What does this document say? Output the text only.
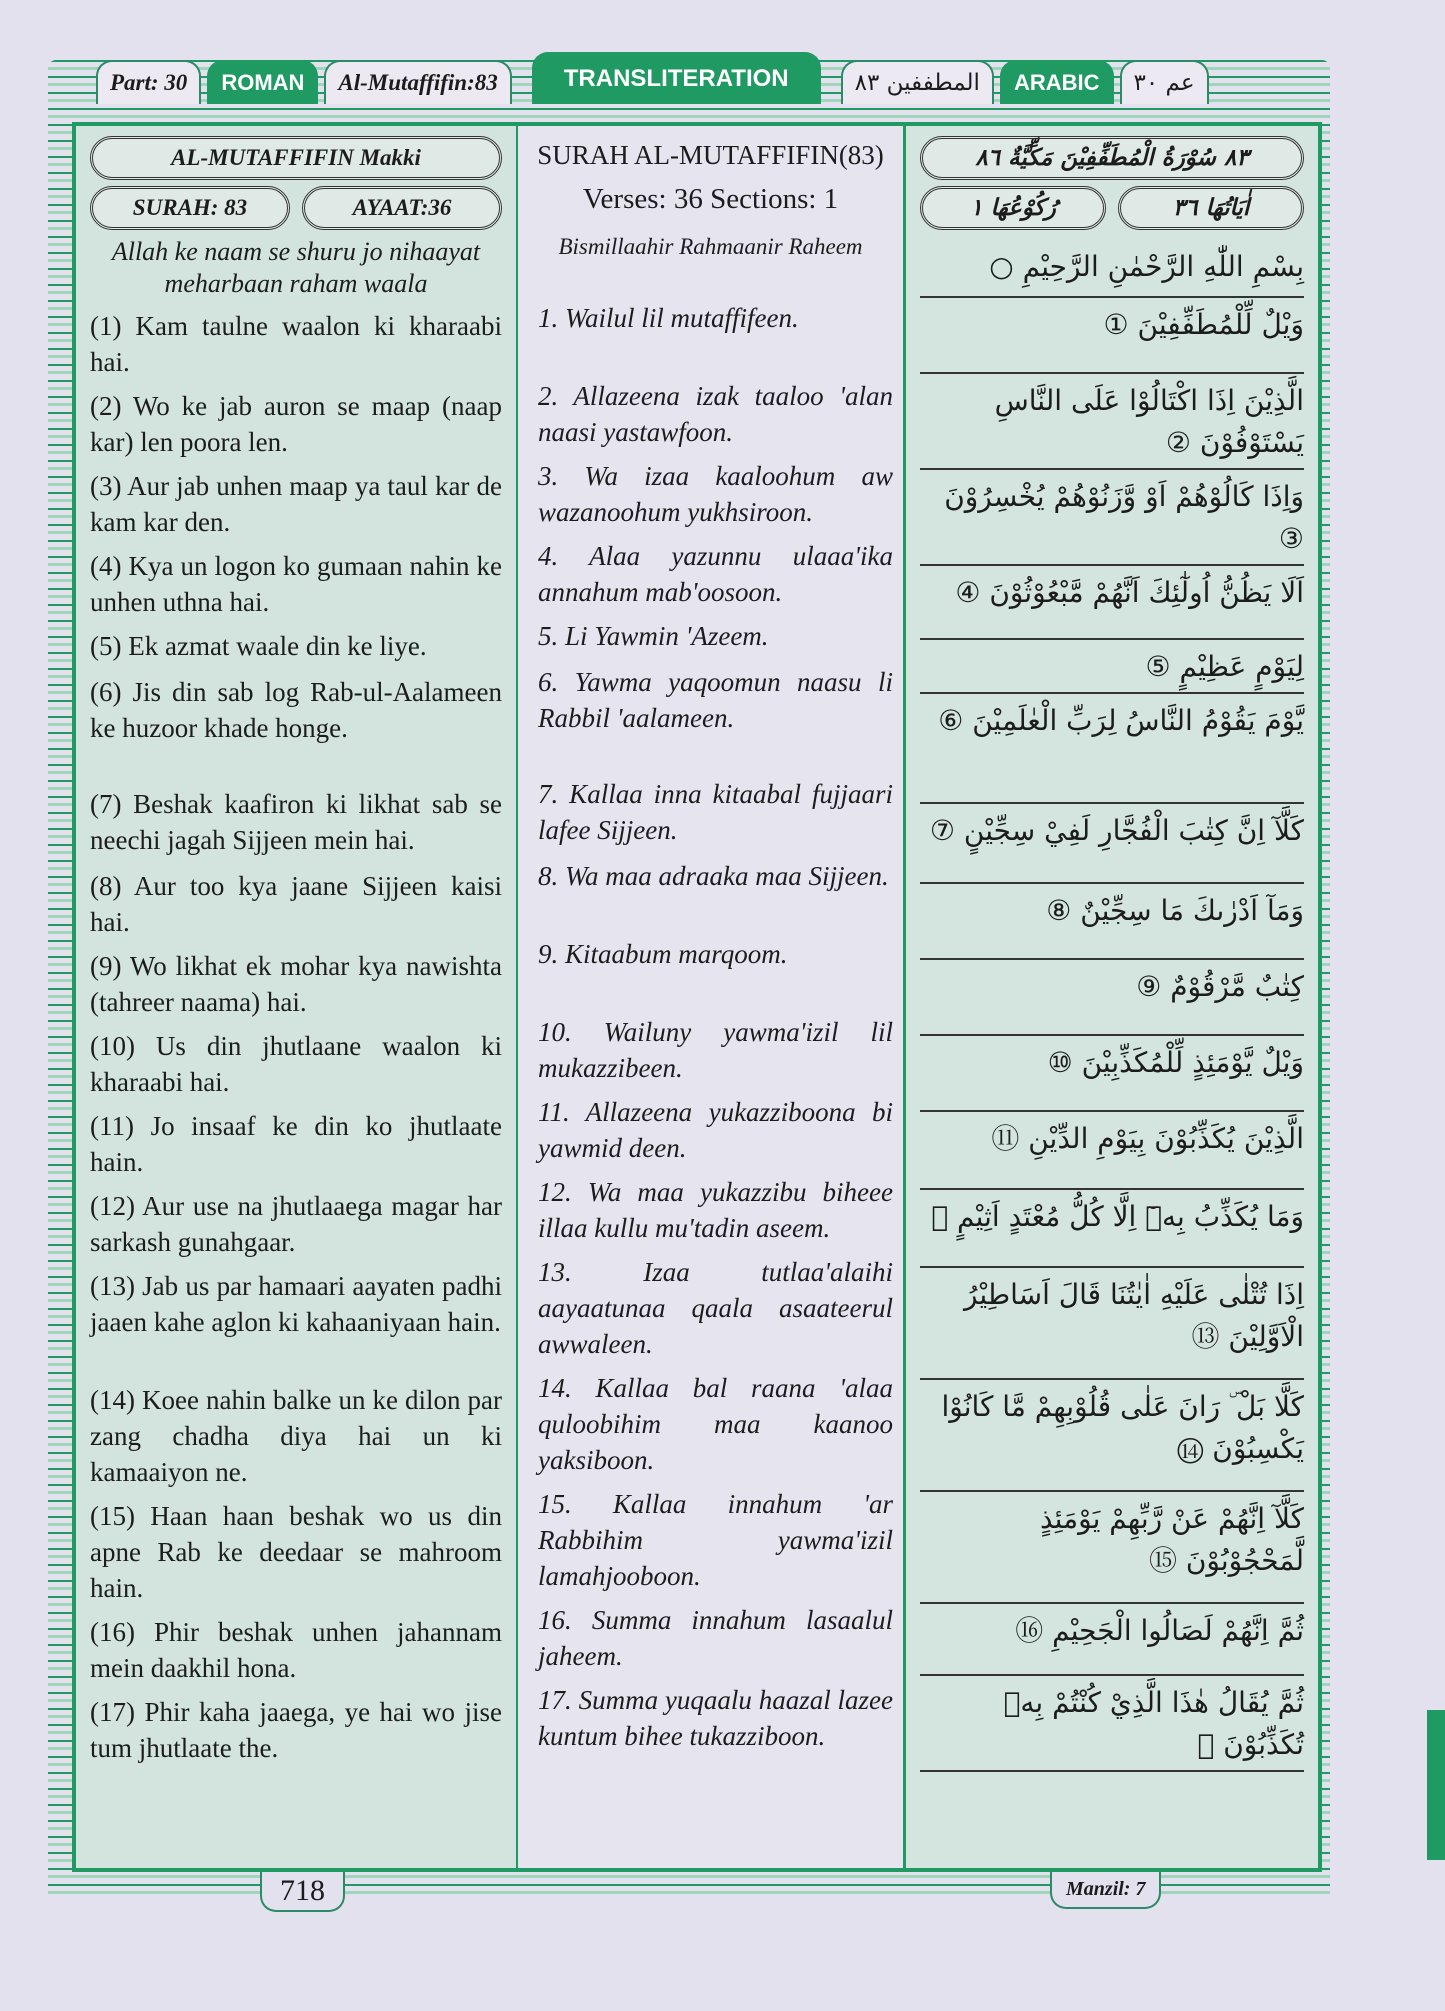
Part: 30	ROMAN	Al-Mutaffifin:83	TRANSLITERATION	المطففين ٨٣	ARABIC	عم ٣٠
AL-MUTAFFIFIN Makki
SURAH: 83	AYAAT:36
Allah ke naam se shuru jo nihaayat meharbaan raham waala
(1) Kam taulne waalon ki kharaabi hai.
(2) Wo ke jab auron se maap (naap kar) len poora len.
(3) Aur jab unhen maap ya taul kar de kam kar den.
(4) Kya un logon ko gumaan nahin ke unhen uthna hai.
(5) Ek azmat waale din ke liye.
(6) Jis din sab log Rab-ul-Aalameen ke huzoor khade honge.
(7) Beshak kaafiron ki likhat sab se neechi jagah Sijjeen mein hai.
(8) Aur too kya jaane Sijjeen kaisi hai.
(9) Wo likhat ek mohar kya nawishta (tahreer naama) hai.
(10) Us din jhutlaane waalon ki kharaabi hai.
(11) Jo insaaf ke din ko jhutlaate hain.
(12) Aur use na jhutlaaega magar har sarkash gunahgaar.
(13) Jab us par hamaari aayaten padhi jaaen kahe aglon ki kahaaniyaan hain.
(14) Koee nahin balke un ke dilon par zang chadha diya hai un ki kamaaiyon ne.
(15) Haan haan beshak wo us din apne Rab ke deedaar se mahroom hain.
(16) Phir beshak unhen jahannam mein daakhil hona.
(17) Phir kaha jaaega, ye hai wo jise tum jhutlaate the.
SURAH AL-MUTAFFIFIN(83)
Verses: 36 Sections: 1
Bismillaahir Rahmaanir Raheem
1. Wailul lil mutaffifeen.
2. Allazeena izak taaloo 'alan naasi yastawfoon.
3. Wa izaa kaaloohum aw wazanoohum yukhsiroon.
4. Alaa yazunnu ulaaa'ika annahum mab'oosoon.
5. Li Yawmin 'Azeem.
6. Yawma yaqoomun naasu li Rabbil 'aalameen.
7. Kallaa inna kitaabal fujjaari lafee Sijjeen.
8. Wa maa adraaka maa Sijjeen.
9. Kitaabum marqoom.
10. Wailuny yawma'izil lil mukazzibeen.
11. Allazeena yukazziboona bi yawmid deen.
12. Wa maa yukazzibu biheee illaa kullu mu'tadin aseem.
13. Izaa tutlaa'alaihi aayaatunaa qaala asaateerul awwaleen.
14. Kallaa bal raana 'alaa quloobihim maa kaanoo yaksiboon.
15. Kallaa innahum 'ar Rabbihim yawma'izil lamahjooboon.
16. Summa innahum lasaalul jaheem.
17. Summa yuqaalu haazal lazee kuntum bihee tukazziboon.
٨٣ سُوْرَةُ الْمُطَفِّفِيْنَ مَكِّيَّةٌ ٨٦
اٰيَاتُهَا ٣٦
رُكُوْعُهَا ١
بِسْمِ اللّٰهِ الرَّحْمٰنِ الرَّحِيْمِ ○
وَيْلٌ لِّلْمُطَفِّفِيْنَ ①
الَّذِيْنَ اِذَا اكْتَالُوْا عَلَى النَّاسِ يَسْتَوْفُوْنَ ②
وَاِذَا كَالُوْهُمْ اَوْ وَّزَنُوْهُمْ يُخْسِرُوْنَ ③
اَلَا يَظُنُّ اُولٰٓئِكَ اَنَّهُمْ مَّبْعُوْثُوْنَ ④
لِيَوْمٍ عَظِيْمٍ ⑤
يَّوْمَ يَقُوْمُ النَّاسُ لِرَبِّ الْعٰلَمِيْنَ ⑥
كَلَّآ اِنَّ كِتٰبَ الْفُجَّارِ لَفِيْ سِجِّيْنٍ ⑦
وَمَآ اَدْرٰىكَ مَا سِجِّيْنٌ ⑧
كِتٰبٌ مَّرْقُوْمٌ ⑨
وَيْلٌ يَّوْمَئِذٍ لِّلْمُكَذِّبِيْنَ ⑩
الَّذِيْنَ يُكَذِّبُوْنَ بِيَوْمِ الدِّيْنِ ⑪
وَمَا يُكَذِّبُ بِهٖٓ اِلَّا كُلُّ مُعْتَدٍ اَثِيْمٍ ⑫
اِذَا تُتْلٰى عَلَيْهِ اٰيٰتُنَا قَالَ اَسَاطِيْرُ الْاَوَّلِيْنَ ⑬
كَلَّا بَلْ ۜ رَانَ عَلٰى قُلُوْبِهِمْ مَّا كَانُوْا يَكْسِبُوْنَ ⑭
كَلَّآ اِنَّهُمْ عَنْ رَّبِّهِمْ يَوْمَئِذٍ لَّمَحْجُوْبُوْنَ ⑮
ثُمَّ اِنَّهُمْ لَصَالُوا الْجَحِيْمِ ⑯
ثُمَّ يُقَالُ هٰذَا الَّذِيْ كُنْتُمْ بِهٖ تُكَذِّبُوْنَ ⑰
718	Manzil: 7
